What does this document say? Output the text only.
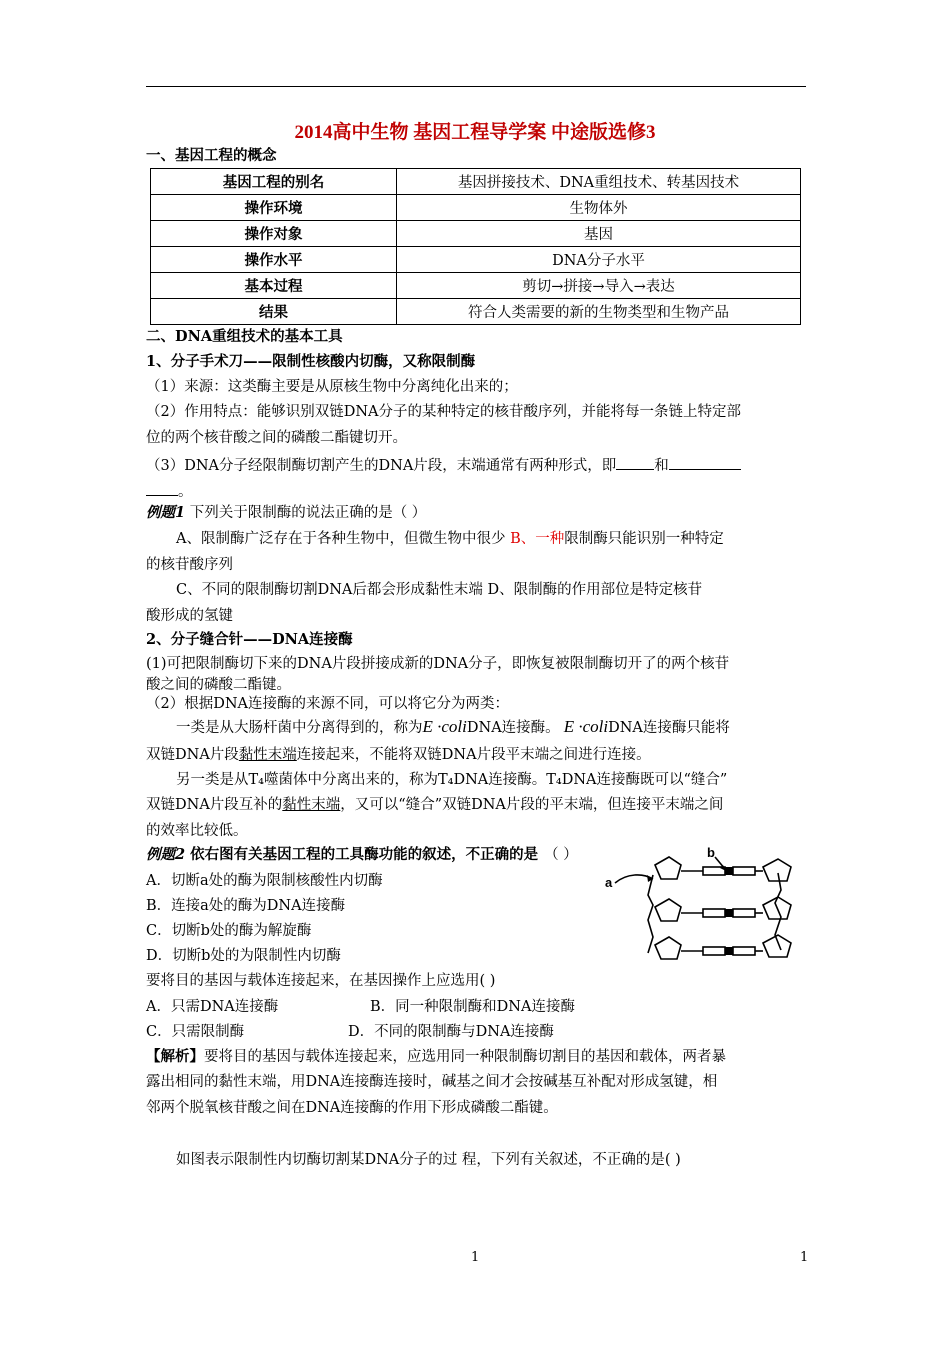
2014高中生物 基因工程导学案 中途版选修3
一、基因工程的概念
基因工程的别名	基因拼接技术、DNA重组技术、转基因技术
操作环境	生物体外
操作对象	基因
操作水平	DNA分子水平
基本过程	剪切→拼接→导入→表达
结果	符合人类需要的新的生物类型和生物产品
二、DNA重组技术的基本工具
1、分子手术刀——限制性核酸内切酶，又称限制酶
（1）来源：这类酶主要是从原核生物中分离纯化出来的；
（2）作用特点：能够识别双链DNA分子的某种特定的核苷酸序列，并能将每一条链上特定部
位的两个核苷酸之间的磷酸二酯键切开。
（3）DNA分子经限制酶切割产生的DNA片段，末端通常有两种形式，即	和
。
例题1 下列关于限制酶的说法正确的是（ ）
A、限制酶广泛存在于各种生物中，但微生物中很少 B、一种限制酶只能识别一种特定
的核苷酸序列
C、不同的限制酶切割DNA后都会形成黏性末端 D、限制酶的作用部位是特定核苷
酸形成的氢键
2、分子缝合针——DNA连接酶
(1)可把限制酶切下来的DNA片段拼接成新的DNA分子，即恢复被限制酶切开了的两个核苷
酸之间的磷酸二酯键。
（2）根据DNA连接酶的来源不同，可以将它分为两类：
一类是从大肠杆菌中分离得到的，称为E ·coliDNA连接酶。 E ·coliDNA连接酶只能将
双链DNA片段黏性末端连接起来，不能将双链DNA片段平末端之间进行连接。
另一类是从T₄噬菌体中分离出来的，称为T₄DNA连接酶。T₄DNA连接酶既可以“缝合”
双链DNA片段互补的黏性末端，又可以“缝合”双链DNA片段的平末端，但连接平末端之间
的效率比较低。
例题2 依右图有关基因工程的工具酶功能的叙述，不正确的是 （ ）
A．切断a处的酶为限制核酸性内切酶
B．连接a处的酶为DNA连接酶
C．切断b处的酶为解旋酶
D．切断b处的为限制性内切酶
a
b
要将目的基因与载体连接起来，在基因操作上应选用( )
A．只需DNA连接酶	B．同一种限制酶和DNA连接酶
C．只需限制酶	D．不同的限制酶与DNA连接酶
【解析】要将目的基因与载体连接起来，应选用同一种限制酶切割目的基因和载体，两者暴
露出相同的黏性末端，用DNA连接酶连接时，碱基之间才会按碱基互补配对形成氢键，相
邻两个脱氧核苷酸之间在DNA连接酶的作用下形成磷酸二酯键。
如图表示限制性内切酶切割某DNA分子的过 程，下列有关叙述，不正确的是( )
1	1
